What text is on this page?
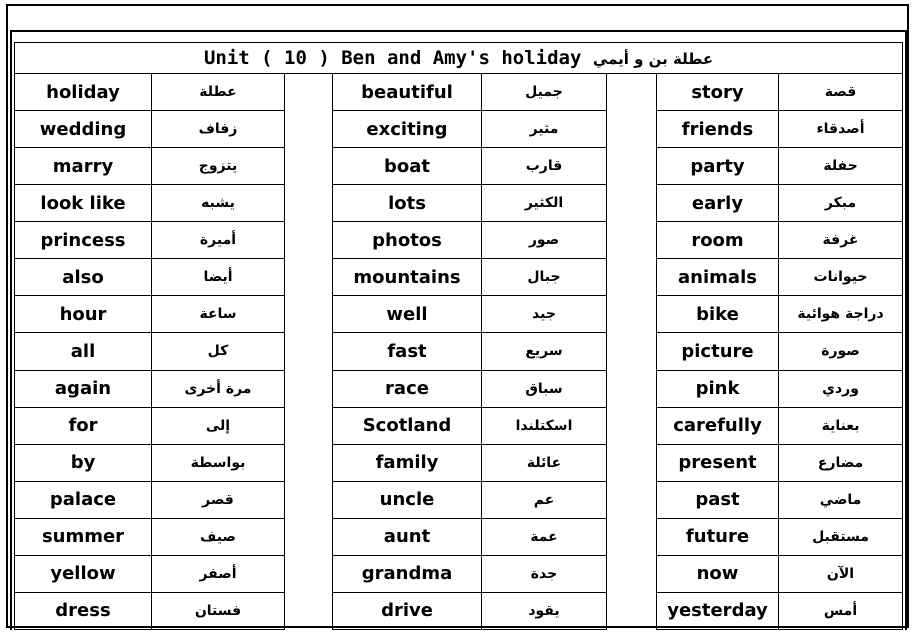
Unit ( 10 ) Ben and Amy's holiday عطلة بن و أيمي							
holiday	عطلة		beautiful	جميل		story	قصة
wedding	زفاف		exciting	مثير		friends	أصدقاء
marry	يتزوج		boat	قارب		party	حفلة
look like	يشبه		lots	الكثير		early	مبكر
princess	أميرة		photos	صور		room	غرفة
also	أيضا		mountains	جبال		animals	حيوانات
hour	ساعة		well	جيد		bike	دراجة هوائية
all	كل		fast	سريع		picture	صورة
again	مرة أخرى		race	سباق		pink	وردي
for	إلى		Scotland	اسكتلندا		carefully	بعناية
by	بواسطة		family	عائلة		present	مضارع
palace	قصر		uncle	عم		past	ماضي
summer	صيف		aunt	عمة		future	مستقبل
yellow	أصفر		grandma	جدة		now	الآن
dress	فستان		drive	يقود		yesterday	أمس
